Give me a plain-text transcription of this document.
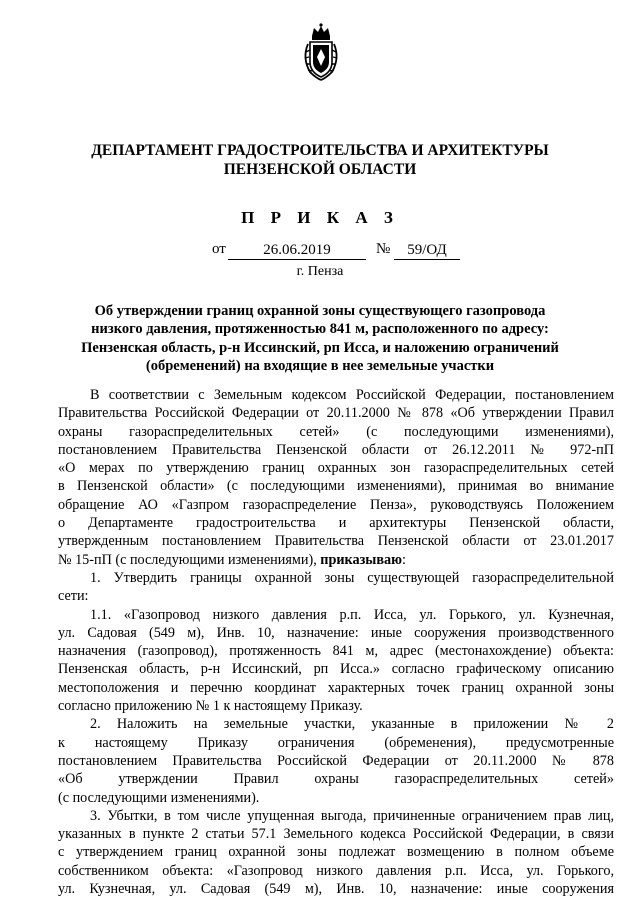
ДЕПАРТАМЕНТ ГРАДОСТРОИТЕЛЬСТВА И АРХИТЕКТУРЫ
ПЕНЗЕНСКОЙ ОБЛАСТИ
П Р И К А З
от	26.06.2019	№	59/ОД
г. Пенза
Об утверждении границ охранной зоны существующего газопровода
низкого давления, протяженностью 841 м, расположенного по адресу:
Пензенская область, р-н Иссинский, рп Исса, и наложению ограничений
(обременений) на входящие в нее земельные участки
В соответствии с Земельным кодексом Российской Федерации, постановлением
Правительства Российской Федерации от 20.11.2000 № 878 «Об утверждении Правил
охраны газораспределительных сетей» (с последующими изменениями),
постановлением Правительства Пензенской области от 26.12.2011 № 972-пП
«О мерах по утверждению границ охранных зон газораспределительных сетей
в Пензенской области» (с последующими изменениями), принимая во внимание
обращение АО «Газпром газораспределение Пенза», руководствуясь Положением
о Департаменте градостроительства и архитектуры Пензенской области,
утвержденным постановлением Правительства Пензенской области от 23.01.2017
№ 15-пП (с последующими изменениями), приказываю:
1. Утвердить границы охранной зоны существующей газораспределительной
сети:
1.1. «Газопровод низкого давления р.п. Исса, ул. Горького, ул. Кузнечная,
ул. Садовая (549 м), Инв. 10, назначение: иные сооружения производственного
назначения (газопровод), протяженность 841 м, адрес (местонахождение) объекта:
Пензенская область, р-н Иссинский, рп Исса.» согласно графическому описанию
местоположения и перечню координат характерных точек границ охранной зоны
согласно приложению № 1 к настоящему Приказу.
2. Наложить на земельные участки, указанные в приложении № 2
к настоящему Приказу ограничения (обременения), предусмотренные
постановлением Правительства Российской Федерации от 20.11.2000 № 878
«Об утверждении Правил охраны газораспределительных сетей»
(с последующими изменениями).
3. Убытки, в том числе упущенная выгода, причиненные ограничением прав лиц,
указанных в пункте 2 статьи 57.1 Земельного кодекса Российской Федерации, в связи
с утверждением границ охранной зоны подлежат возмещению в полном объеме
собственником объекта: «Газопровод низкого давления р.п. Исса, ул. Горького,
ул. Кузнечная, ул. Садовая (549 м), Инв. 10, назначение: иные сооружения
